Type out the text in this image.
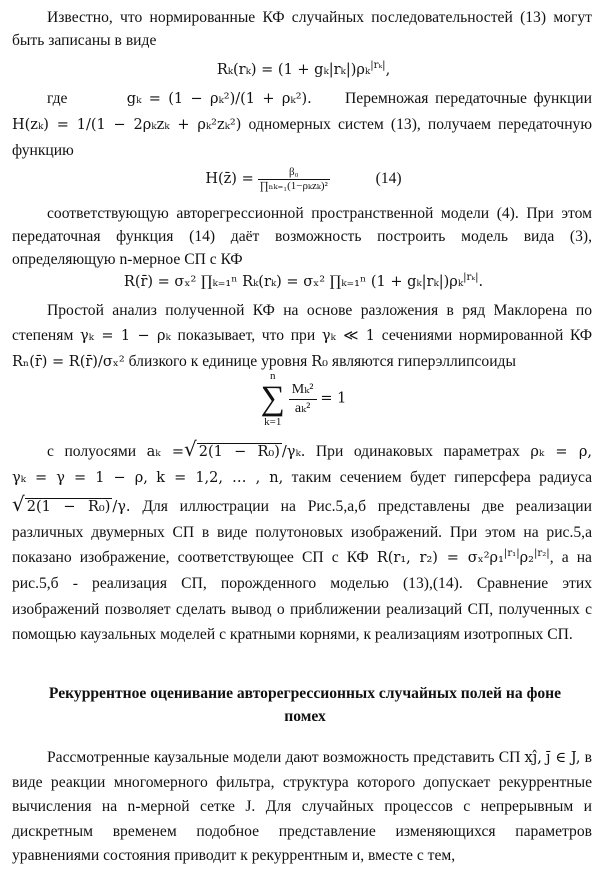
Известно, что нормированные КФ случайных последовательностей (13) могут быть записаны в виде
Rₖ(rₖ) = (1 + gₖ|rₖ|)ρₖ$^{|r_k|}$,
где	gₖ = (1 − ρₖ²)/(1 + ρₖ²). Перемножая передаточные функции H(zₖ) = 1/(1 − 2ρₖzₖ + ρₖ²zₖ²) одномерных систем (13), получаем передаточную функцию
H(z̄) = $\frac{\text{β₀}}{\text{∏ₙₖ₌₁(1−ρₖzₖ)²}}$	(14)
соответствующую авторегрессионной пространственной модели (4). При этом передаточная функция (14) даёт возможность построить модель вида (3), определяющую n-мерное СП с КФ
R(r̄) = σₓ² ∏ₖ₌₁ⁿ Rₖ(rₖ) = σₓ² ∏ₖ₌₁ⁿ (1 + gₖ|rₖ|)ρₖ$^{|r_k|}$.
Простой анализ полученной КФ на основе разложения в ряд Маклорена по степеням γₖ = 1 − ρₖ показывает, что при γₖ ≪ 1 сечениями нормированной КФ Rₙ(r̄) = R(r̄)/σₓ² близкого к единице уровня R₀ являются гиперэллипсоиды
n
∑
k=1

$\frac{\text{Mₖ²}}{\text{aₖ²}} = 1$
с полуосями aₖ =√ 2(1 − R₀) /γₖ. При одинаковых параметрах ρₖ = ρ, γₖ = γ = 1 − ρ, k = 1,2, … , n, таким сечением будет гиперсфера радиуса √ 2(1 − R₀) /γ. Для иллюстрации на Рис.5,а,б представлены две реализации различных двумерных СП в виде полутоновых изображений. При этом на рис.5,а показано изображение, соответствующее СП с КФ R(r₁, r₂) = σₓ²ρ₁$^{|r_1|}$ρ₂$^{|r_2|}$, а на рис.5,б - реализация СП, порожденного моделью (13),(14). Сравнение этих изображений позволяет сделать вывод о приближении реализаций СП, полученных с помощью каузальных моделей с кратными корнями, к реализациям изотропных СП.
Рекуррентное оценивание авторегрессионных случайных полей на фоне помех
Рассмотренные каузальные модели дают возможность представить СП xĵ, j̄ ∈ J, в виде реакции многомерного фильтра, структура которого допускает рекуррентные вычисления на n-мерной сетке J. Для случайных процессов с непрерывным и дискретным временем подобное представление изменяющихся параметров уравнениями состояния приводит к рекуррентным и, вместе с тем,
